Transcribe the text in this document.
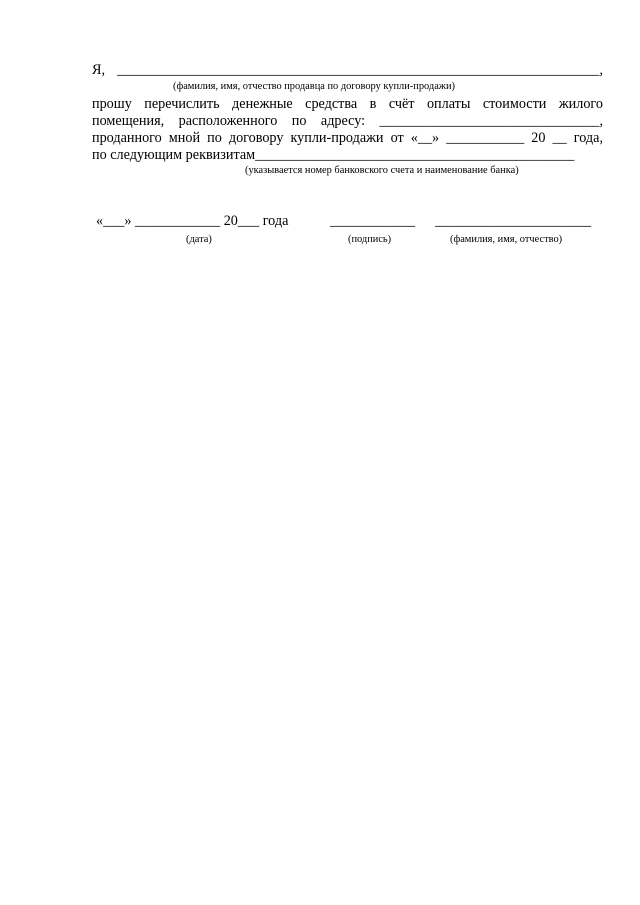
Я, ____________________________________________________________________,
(фамилия, имя, отчество продавца по договору купли-продажи)
прошу перечислить денежные средства в счёт оплаты стоимости жилого
помещения, расположенного по адресу: _______________________________,
проданного мной по договору купли-продажи от «__» ___________ 20 __ года,
по следующим реквизитам_____________________________________________
(указывается номер банковского счета и наименование банка)
«___» ____________ 20___ года	____________ ______________________
(дата)	(подпись)	(фамилия, имя, отчество)
